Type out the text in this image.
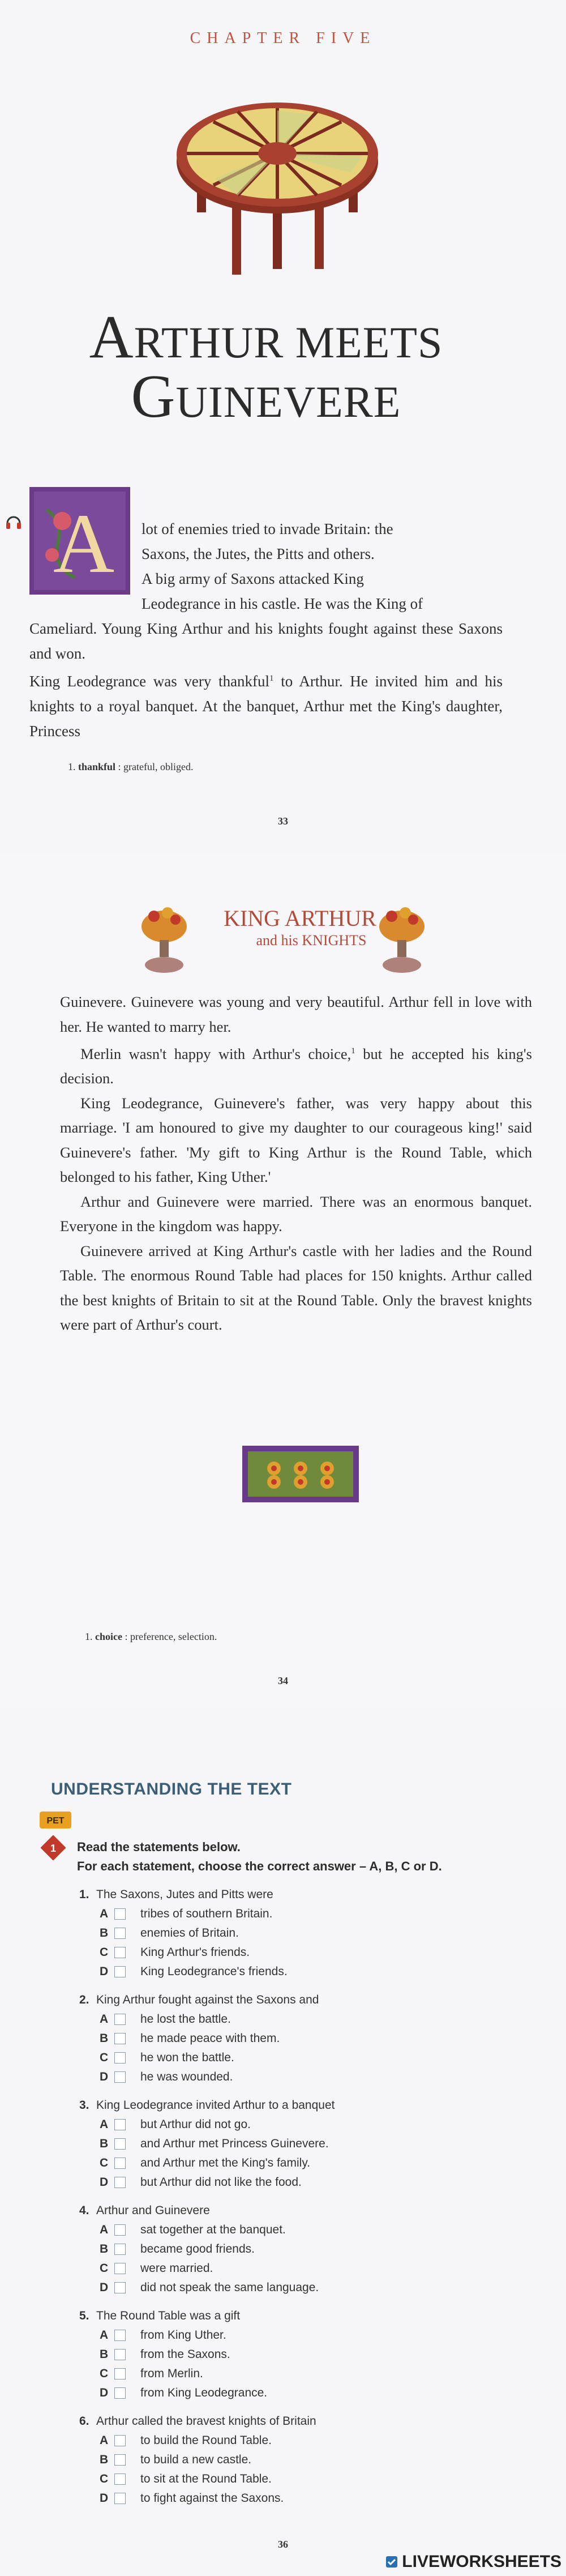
CHAPTER FIVE
ARTHUR MEETS
GUINEVERE
A	lot of enemies tried to invade Britain: the
Saxons, the Jutes, the Pitts and others.
A big army of Saxons attacked King
Leodegrance in his castle. He was the King of

Cameliard. Young King Arthur and his knights fought against these Saxons and won.

King Leodegrance was very thankful$^1$ to Arthur. He invited him and his knights to a royal banquet. At the banquet, Arthur met the King's daughter, Princess

1. thankful : grateful, obliged.
33
KING ARTHUR
and his KNIGHTS

Guinevere. Guinevere was young and very beautiful. Arthur fell in love with her. He wanted to marry her.

Merlin wasn't happy with Arthur's choice,$^1$ but he accepted his king's decision.

King Leodegrance, Guinevere's father, was very happy about this marriage. 'I am honoured to give my daughter to our courageous king!' said Guinevere's father. 'My gift to King Arthur is the Round Table, which belonged to his father, King Uther.'

Arthur and Guinevere were married. There was an enormous banquet. Everyone in the kingdom was happy.

Guinevere arrived at King Arthur's castle with her ladies and the Round Table. The enormous Round Table had places for 150 knights. Arthur called the best knights of Britain to sit at the Round Table. Only the bravest knights were part of Arthur's court.

1. choice : preference, selection.
34
UNDERSTANDING THE TEXT
PET
1 Read the statements below.
For each statement, choose the correct answer – A, B, C or D.
1. The Saxons, Jutes and Pitts were
A	tribes of southern Britain.
B	enemies of Britain.
C	King Arthur's friends.
D	King Leodegrance's friends.
2. King Arthur fought against the Saxons and
A	he lost the battle.
B	he made peace with them.
C	he won the battle.
D	he was wounded.
3. King Leodegrance invited Arthur to a banquet
A	but Arthur did not go.
B	and Arthur met Princess Guinevere.
C	and Arthur met the King's family.
D	but Arthur did not like the food.
4. Arthur and Guinevere
A	sat together at the banquet.
B	became good friends.
C	were married.
D	did not speak the same language.
5. The Round Table was a gift
A	from King Uther.
B	from the Saxons.
C	from Merlin.
D	from King Leodegrance.
6. Arthur called the bravest knights of Britain
A	to build the Round Table.
B	to build a new castle.
C	to sit at the Round Table.
D	to fight against the Saxons.
36
LIVEWORKSHEETS
